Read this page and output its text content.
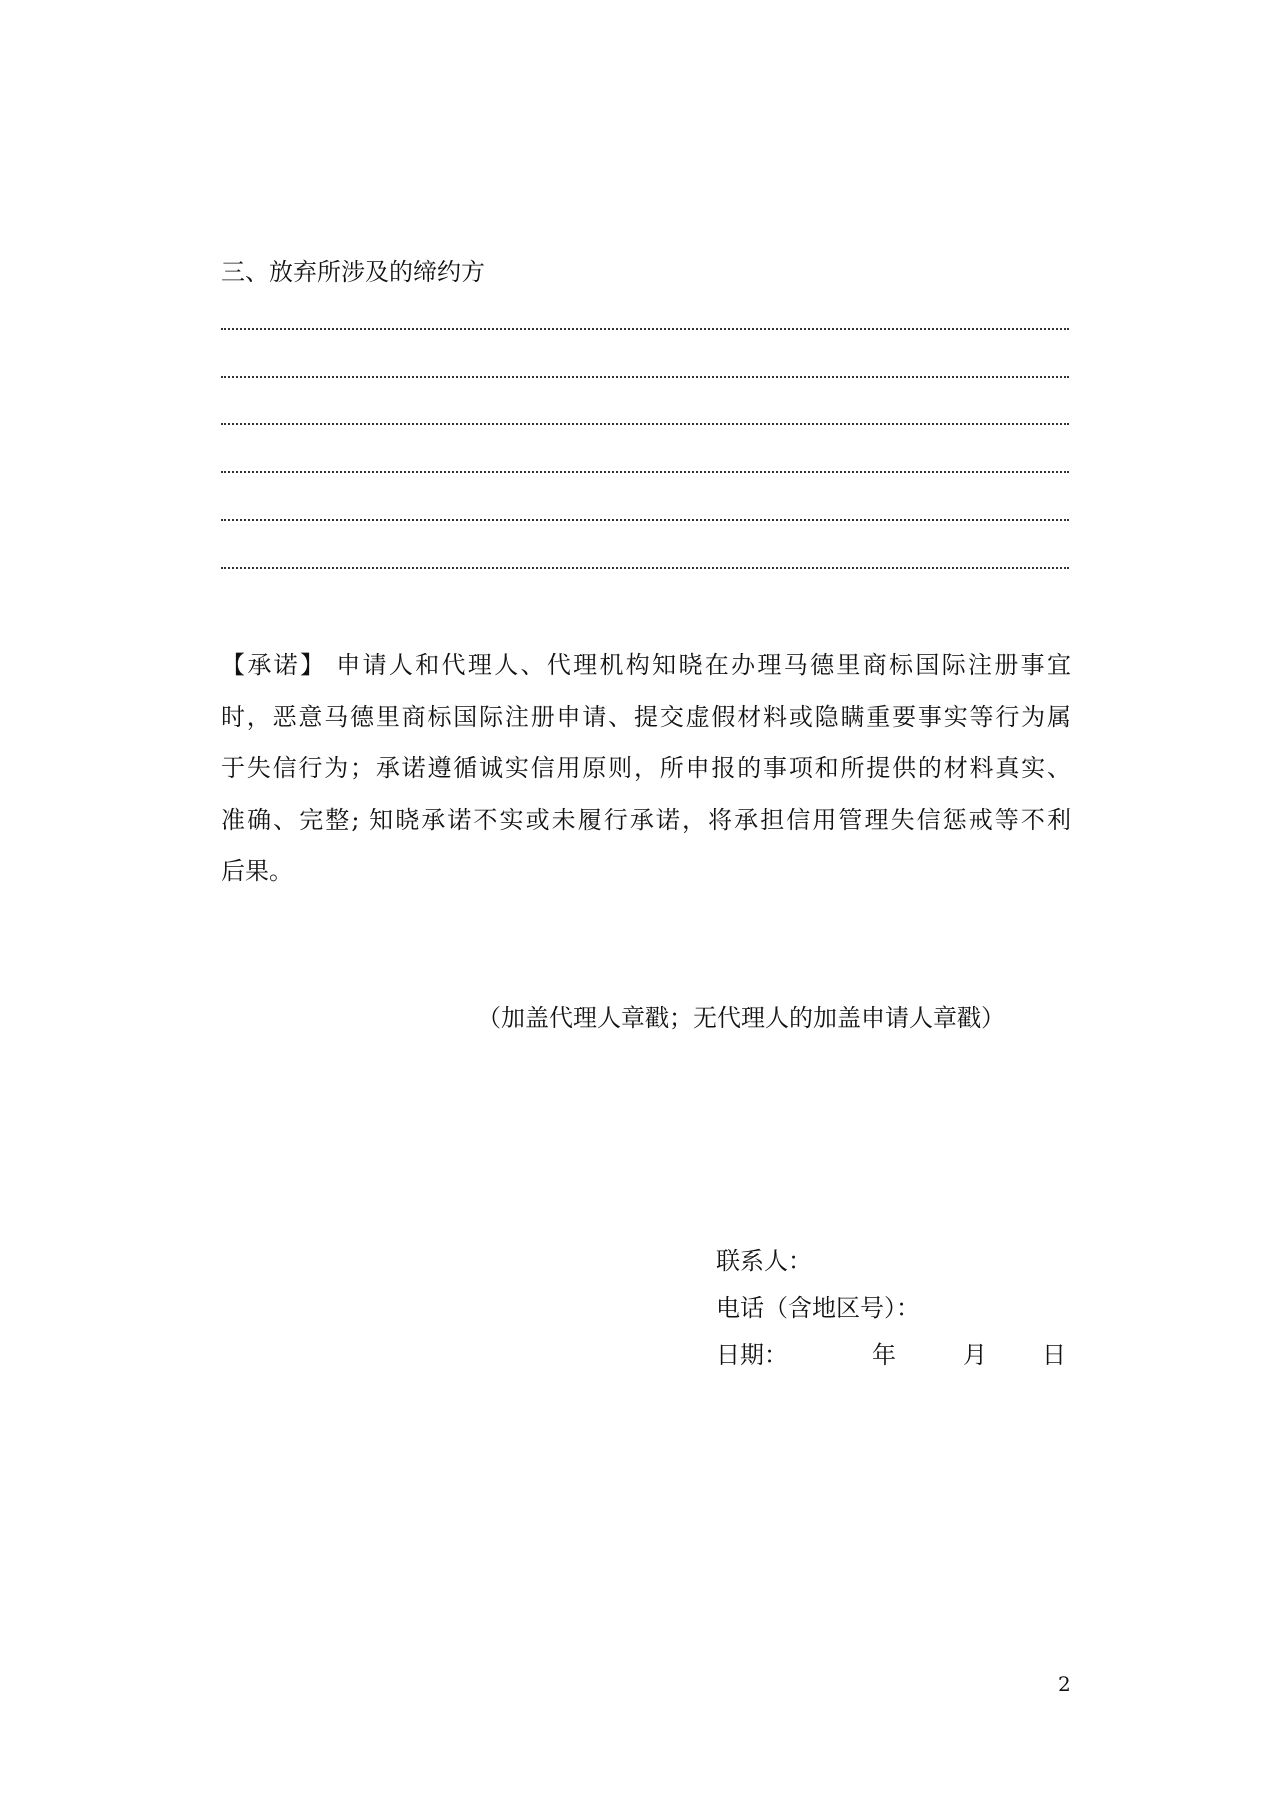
三、放弃所涉及的缔约方
【承诺】 申请人和代理人、代理机构知晓在办理马德里商标国际注册事宜
时，恶意马德里商标国际注册申请、提交虚假材料或隐瞒重要事实等行为属
于失信行为；承诺遵循诚实信用原则，所申报的事项和所提供的材料真实、
准确、完整; 知晓承诺不实或未履行承诺，将承担信用管理失信惩戒等不利
后果。
（加盖代理人章戳；无代理人的加盖申请人章戳）
联系人：
电话（含地区号）：
日期：	年	月 日
2
